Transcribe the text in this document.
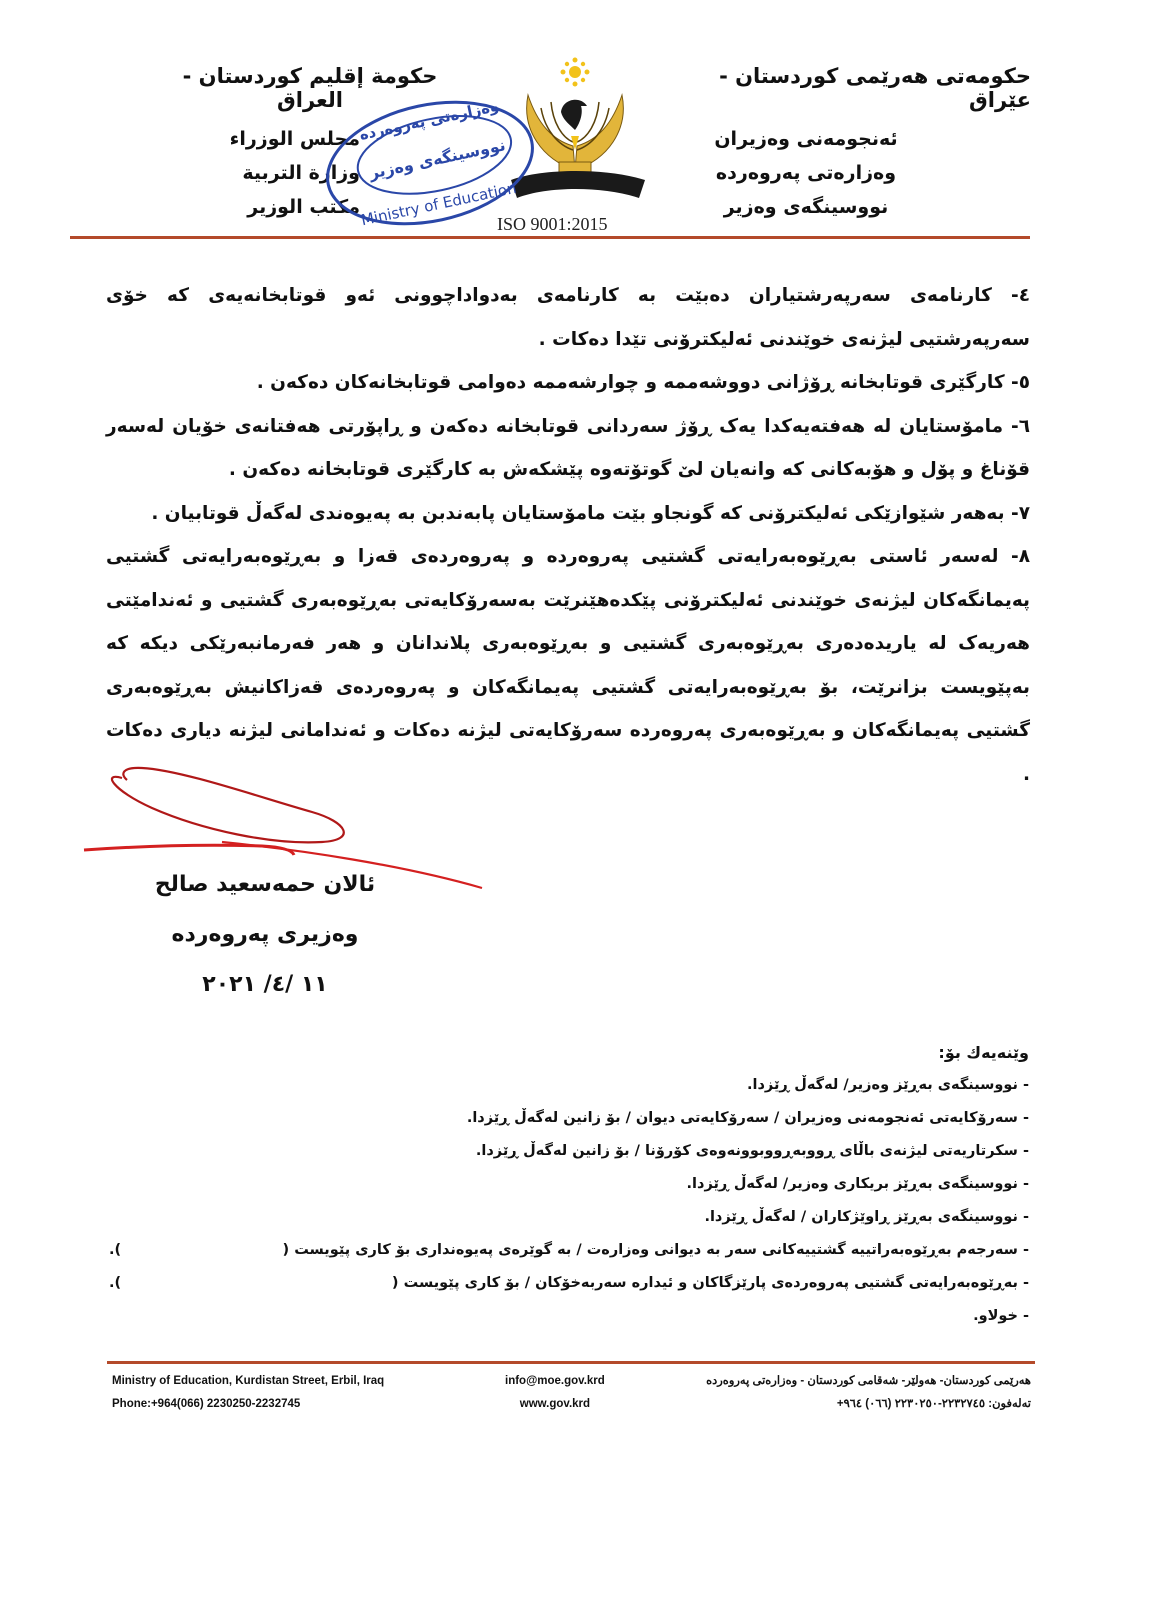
حکومەتی هەرێمی کوردستان - عێراق
ئەنجومەنی وەزیران
وەزارەتی پەروەردە
نووسینگەی وەزیر
حكومة إقليم كوردستان - العراق
مجلس الوزراء
وزارة التربية
مكتب الوزير
ISO 9001:2015
وەزارەتی پەروەردە
نووسینگەی وەزیر
Ministry of Education

٤- کارنامەی سەرپەرشتیاران دەبێت بە کارنامەی بەدواداچوونی ئەو قوتابخانەیەی کە خۆی سەرپەرشتیی لیژنەی خوێندنی ئەلیکترۆنی تێدا دەکات .

٥- کارگێری قوتابخانە ڕۆژانی دووشەممە و چوارشەممە دەوامی قوتابخانەکان دەکەن .

٦- مامۆستایان لە هەفتەیەکدا یەک ڕۆژ سەردانی قوتابخانە دەکەن و ڕاپۆرتی هەفتانەی خۆیان لەسەر قۆناغ و پۆل و هۆبەکانی کە وانەیان لێ گوتۆتەوە پێشکەش بە کارگێری قوتابخانە دەکەن .

٧- بەهەر شێوازێکی ئەلیکترۆنی کە گونجاو بێت مامۆستایان پابەندبن بە پەیوەندی لەگەڵ قوتابیان .

٨- لەسەر ئاستی بەڕێوەبەرایەتی گشتیی پەروەردە و پەروەردەی قەزا و بەڕێوەبەرایەتی گشتیی پەیمانگەکان لیژنەی خوێندنی ئەلیکترۆنی پێکدەهێنرێت بەسەرۆکایەتی بەڕێوەبەری گشتیی و ئەندامێتی هەریەک لە یاریدەدەری بەڕێوەبەری گشتیی و بەڕێوەبەری پلاندانان و هەر فەرمانبەرێکی دیکە کە بەپێویست بزانرێت، بۆ بەڕێوەبەرایەتی گشتیی پەیمانگەکان و پەروەردەی قەزاکانیش بەڕێوەبەری گشتیی پەیمانگەکان و بەڕێوەبەری پەروەردە سەرۆکایەتی لیژنە دەکات و ئەندامانی لیژنە دیاری دەکات .

ئالان حمەسعید صالح
وەزیری پەروەردە
١١ /٤/ ٢٠٢١
وێنەیەك بۆ:
- نووسینگەی بەڕێز وەزیر/ لەگەڵ ڕێزدا.
- سەرۆکایەتی ئەنجومەنی وەزیران / سەرۆکایەتی دیوان / بۆ زانین لەگەڵ ڕێزدا.
- سکرتاریەتی لیژنەی باڵای ڕووبەڕووبوونەوەی کۆرۆنا / بۆ زانین لەگەڵ ڕێزدا.
- نووسینگەی بەڕێز بریکاری وەزیر/ لەگەڵ ڕێزدا.
- نووسینگەی بەڕێز ڕاوێژکاران / لەگەڵ ڕێزدا.
- سەرجەم بەڕێوەبەراتییە گشتییەکانی سەر بە دیوانی وەزارەت / بە گوێرەی پەیوەنداری بۆ کاری پێویست (
).
- بەڕێوەبەرایەتی گشتیی پەروەردەی پارێزگاکان و ئیدارە سەربەخۆکان / بۆ کاری پێویست (
).
- خولاو.
Ministry of Education, Kurdistan Street, Erbil, Iraq
Phone:+964(066) 2230250-2232745
info@moe.gov.krd
www.gov.krd
هەرێمی کوردستان- هەولێر- شەقامی کوردستان - وەزارەتی پەروەردە
تەلەفون: ٢٢٣٢٧٤٥-٢٢٣٠٢٥٠ (٠٦٦) ٩٦٤+
